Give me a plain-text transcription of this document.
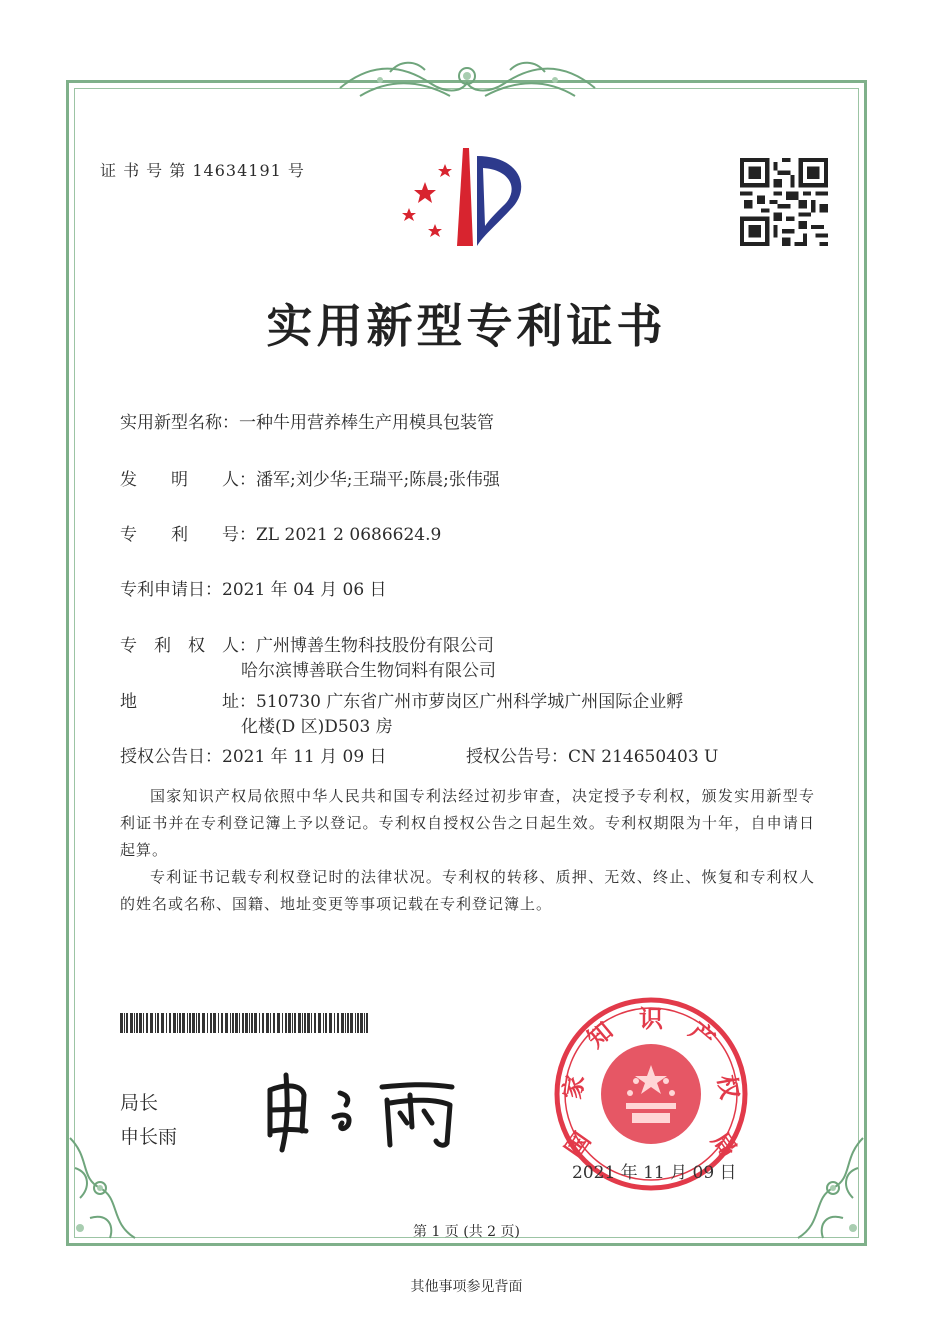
证 书 号 第 14634191 号
实用新型专利证书
实用新型名称：一种牛用营养棒生产用模具包装管
发　　明　　人：潘军;刘少华;王瑞平;陈晨;张伟强
专　　利　　号：ZL 2021 2 0686624.9
专利申请日：2021 年 04 月 06 日
专　利　权　人：广州博善生物科技股份有限公司
哈尔滨博善联合生物饲料有限公司
地　　　　　址：510730 广东省广州市萝岗区广州科学城广州国际企业孵
化楼(D 区)D503 房
授权公告日：2021 年 11 月 09 日	授权公告号：CN 214650403 U

国家知识产权局依照中华人民共和国专利法经过初步审查，决定授予专利权，颁发实用新型专利证书并在专利登记簿上予以登记。专利权自授权公告之日起生效。专利权期限为十年，自申请日起算。

专利证书记载专利权登记时的法律状况。专利权的转移、质押、无效、终止、恢复和专利权人的姓名或名称、国籍、地址变更等事项记载在专利登记簿上。

局长
申长雨	国
家
知 识 产
权
局
2021 年 11 月 09 日
第 1 页 (共 2 页)
其他事项参见背面
